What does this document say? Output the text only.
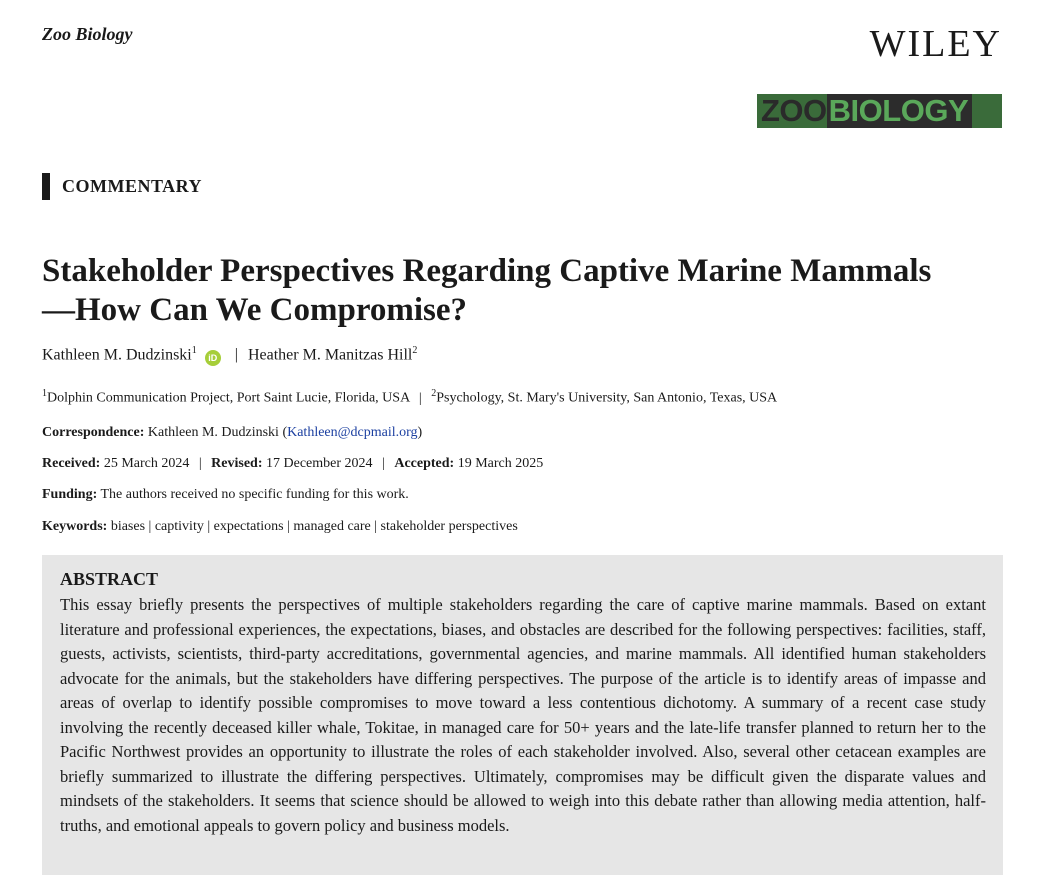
Zoo Biology	WILEY
ZOOBIOLOGY
COMMENTARY
Stakeholder Perspectives Regarding Captive Marine Mammals—How Can We Compromise?
Kathleen M. Dudzinski$^1$ iD | Heather M. Manitzas Hill$^2$
$^1$Dolphin Communication Project, Port Saint Lucie, Florida, USA | $^2$Psychology, St. Mary's University, San Antonio, Texas, USA
Correspondence: Kathleen M. Dudzinski (Kathleen@dcpmail.org)
Received: 25 March 2024 | Revised: 17 December 2024 | Accepted: 19 March 2025
Funding: The authors received no specific funding for this work.
Keywords: biases | captivity | expectations | managed care | stakeholder perspectives
ABSTRACT

This essay briefly presents the perspectives of multiple stakeholders regarding the care of captive marine mammals. Based on extant literature and professional experiences, the expectations, biases, and obstacles are described for the following perspectives: facilities, staff, guests, activists, scientists, third-party accreditations, governmental agencies, and marine mammals. All identified human stakeholders advocate for the animals, but the stakeholders have differing perspectives. The purpose of the article is to identify areas of impasse and areas of overlap to identify possible compromises to move toward a less contentious dichotomy. A summary of a recent case study involving the recently deceased killer whale, Tokitae, in managed care for 50+ years and the late-life transfer planned to return her to the Pacific Northwest provides an opportunity to illustrate the roles of each stakeholder involved. Also, several other cetacean examples are briefly summarized to illustrate the differing perspectives. Ultimately, compromises may be difficult given the disparate values and mindsets of the stakeholders. It seems that science should be allowed to weigh into this debate rather than allowing media attention, half-truths, and emotional appeals to govern policy and business models.
